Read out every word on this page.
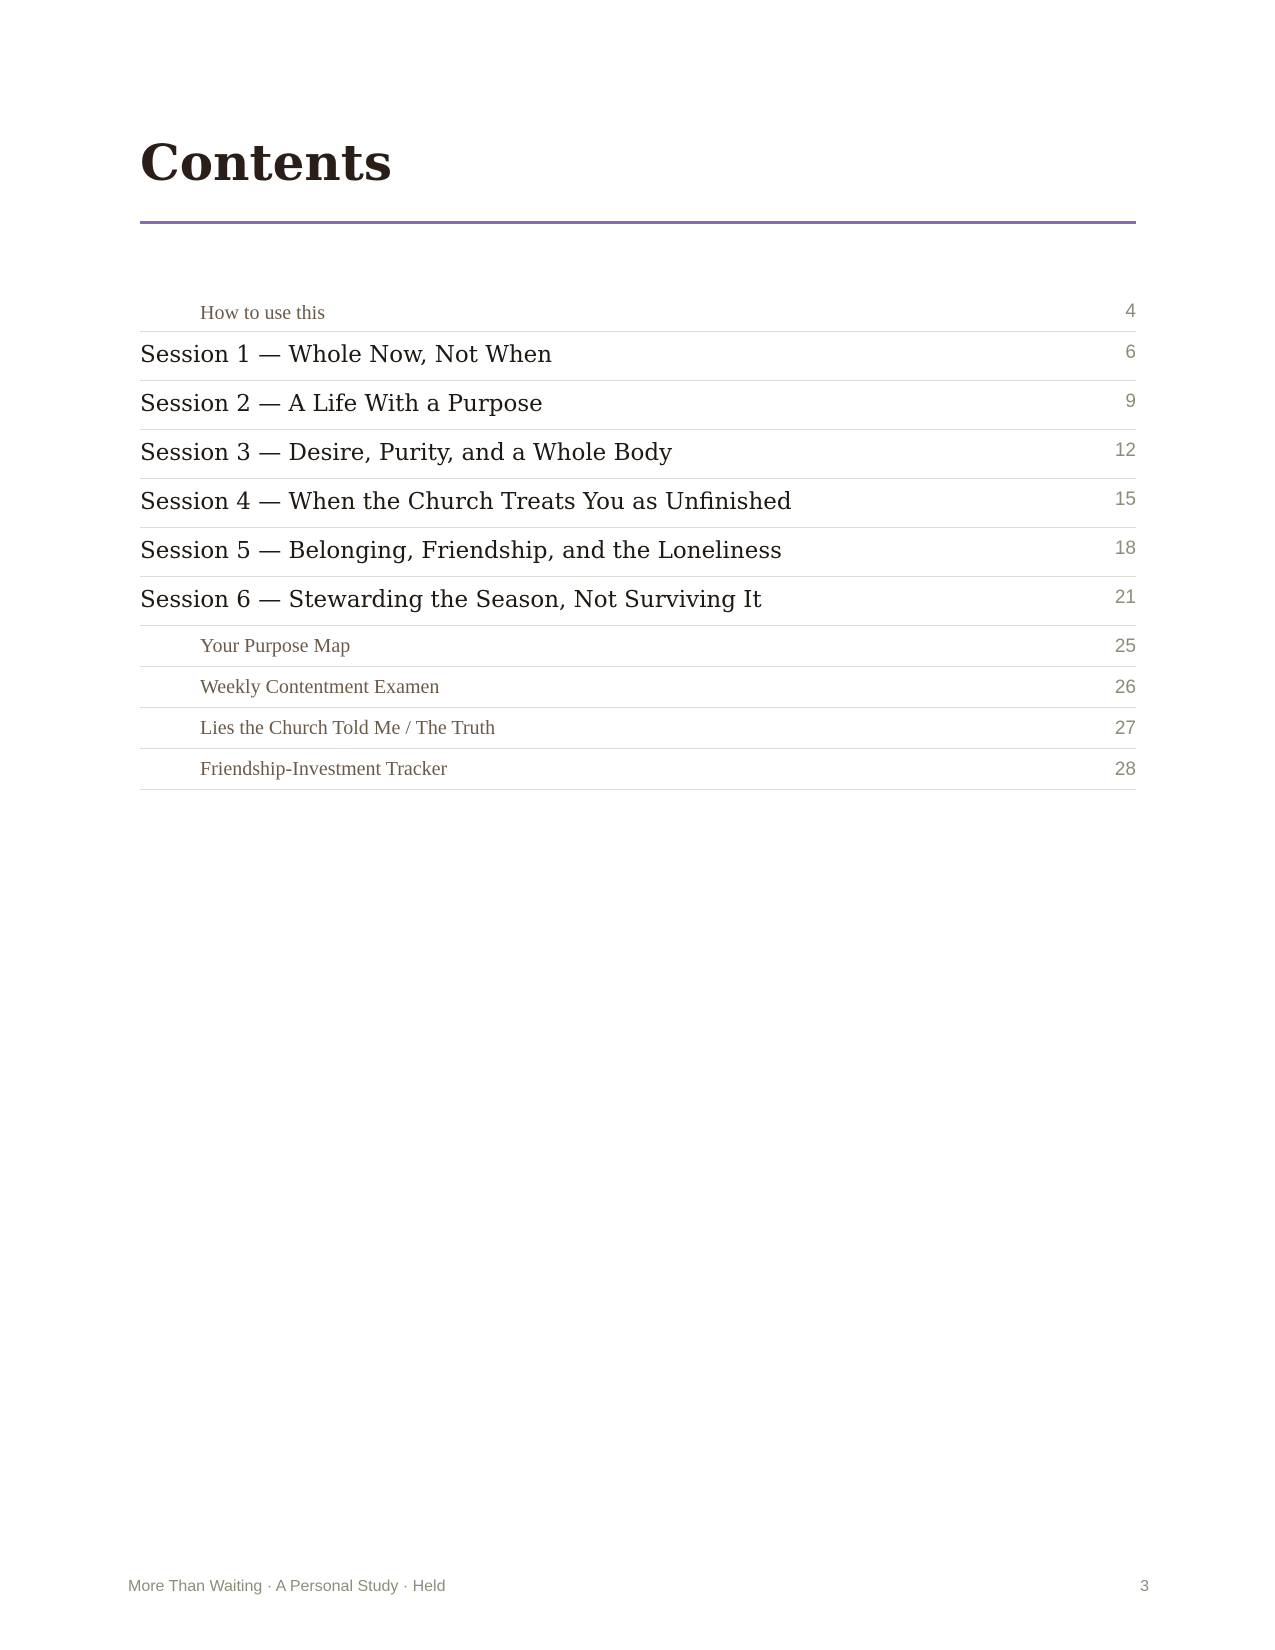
Contents
How to use this	4
Session 1 — Whole Now, Not When	6
Session 2 — A Life With a Purpose	9
Session 3 — Desire, Purity, and a Whole Body	12
Session 4 — When the Church Treats You as Unfinished	15
Session 5 — Belonging, Friendship, and the Loneliness	18
Session 6 — Stewarding the Season, Not Surviving It	21
Your Purpose Map	25
Weekly Contentment Examen	26
Lies the Church Told Me / The Truth	27
Friendship-Investment Tracker	28
More Than Waiting · A Personal Study · Held	3
